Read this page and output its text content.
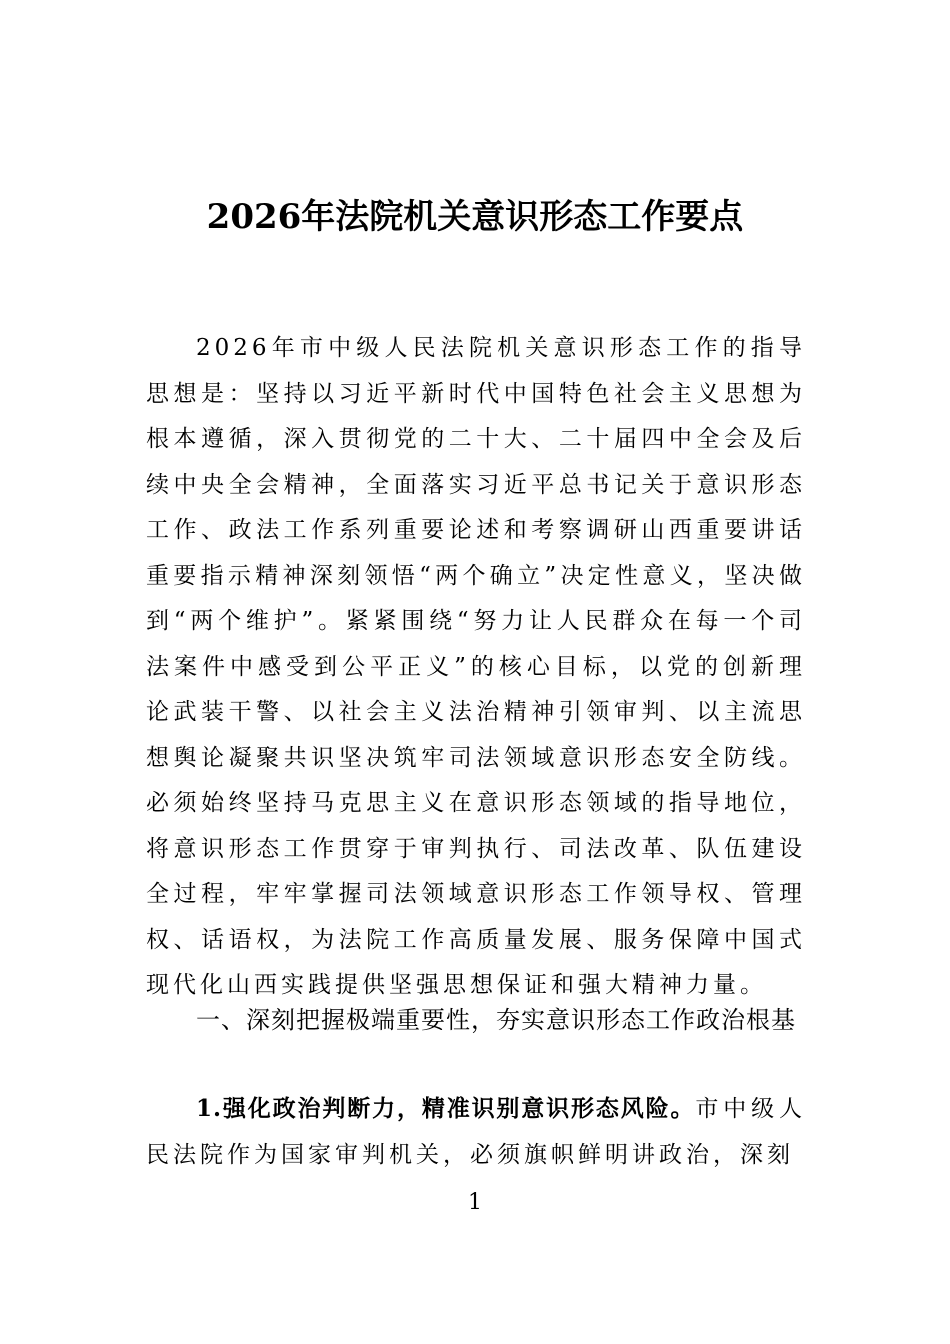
2026年法院机关意识形态工作要点
2026年市中级人民法院机关意识形态工作的指导思想是：坚持以习近平新时代中国特色社会主义思想为根本遵循，深入贯彻党的二十大、二十届四中全会及后续中央全会精神，全面落实习近平总书记关于意识形态工作、政法工作系列重要论述和考察调研山西重要讲话重要指示精神深刻领悟“两个确立”决定性意义，坚决做到“两个维护”。紧紧围绕“努力让人民群众在每一个司法案件中感受到公平正义”的核心目标，以党的创新理论武装干警、以社会主义法治精神引领审判、以主流思想舆论凝聚共识坚决筑牢司法领域意识形态安全防线。必须始终坚持马克思主义在意识形态领域的指导地位，将意识形态工作贯穿于审判执行、司法改革、队伍建设全过程，牢牢掌握司法领域意识形态工作领导权、管理权、话语权，为法院工作高质量发展、服务保障中国式现代化山西实践提供坚强思想保证和强大精神力量。
一、深刻把握极端重要性，夯实意识形态工作政治根基
1.强化政治判断力，精准识别意识形态风险。市中级人民法院作为国家审判机关，必须旗帜鲜明讲政治，深刻
1
